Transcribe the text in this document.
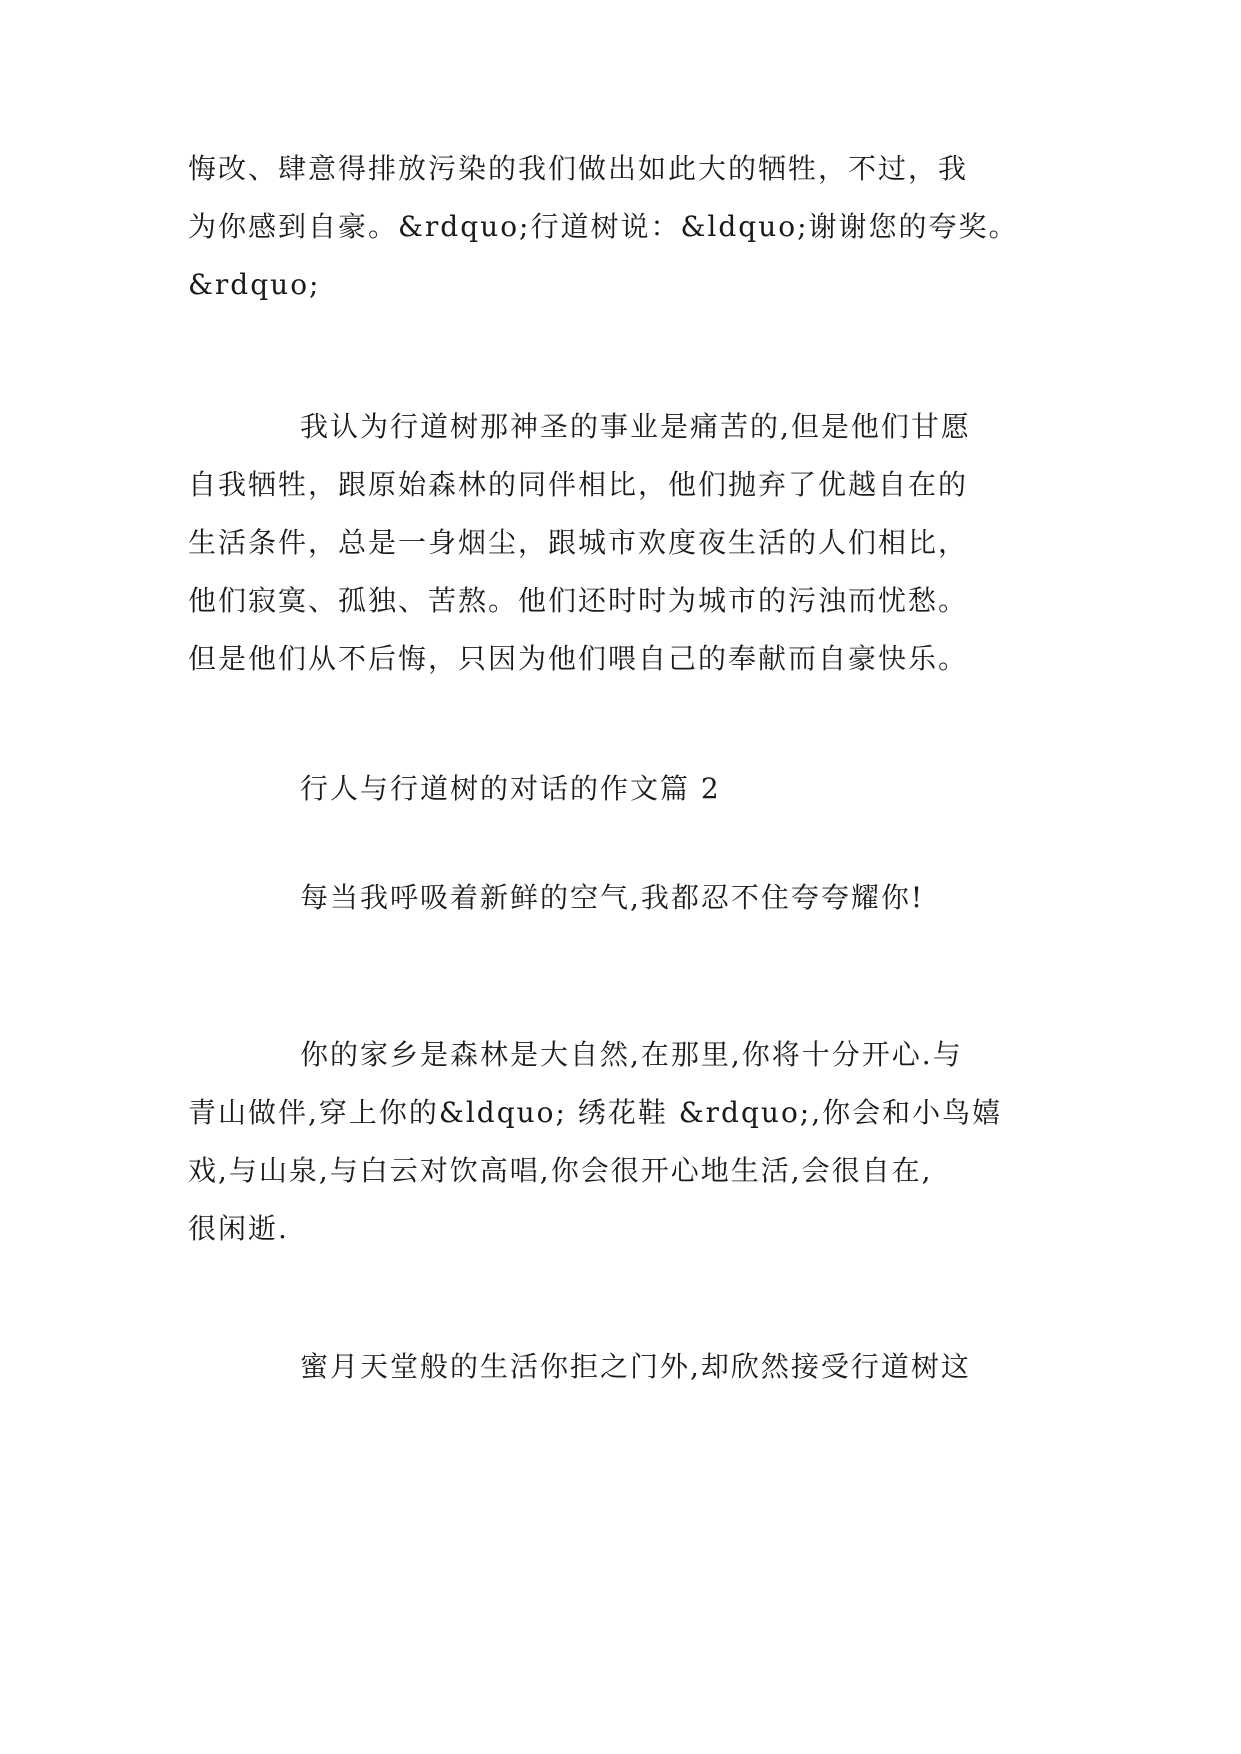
悔改、肆意得排放污染的我们做出如此大的牺牲，不过，我
为你感到自豪。&rdquo;行道树说：&ldquo;谢谢您的夸奖。
&rdquo;

我认为行道树那神圣的事业是痛苦的,但是他们甘愿
自我牺牲，跟原始森林的同伴相比，他们抛弃了优越自在的
生活条件，总是一身烟尘，跟城市欢度夜生活的人们相比，
他们寂寞、孤独、苦熬。他们还时时为城市的污浊而忧愁。
但是他们从不后悔，只因为他们喂自己的奉献而自豪快乐。

行人与行道树的对话的作文篇 2

每当我呼吸着新鲜的空气,我都忍不住夸夸耀你!

你的家乡是森林是大自然,在那里,你将十分开心.与
青山做伴,穿上你的&ldquo; 绣花鞋 &rdquo;,你会和小鸟嬉
戏,与山泉,与白云对饮高唱,你会很开心地生活,会很自在,
很闲逝.

蜜月天堂般的生活你拒之门外,却欣然接受行道树这
